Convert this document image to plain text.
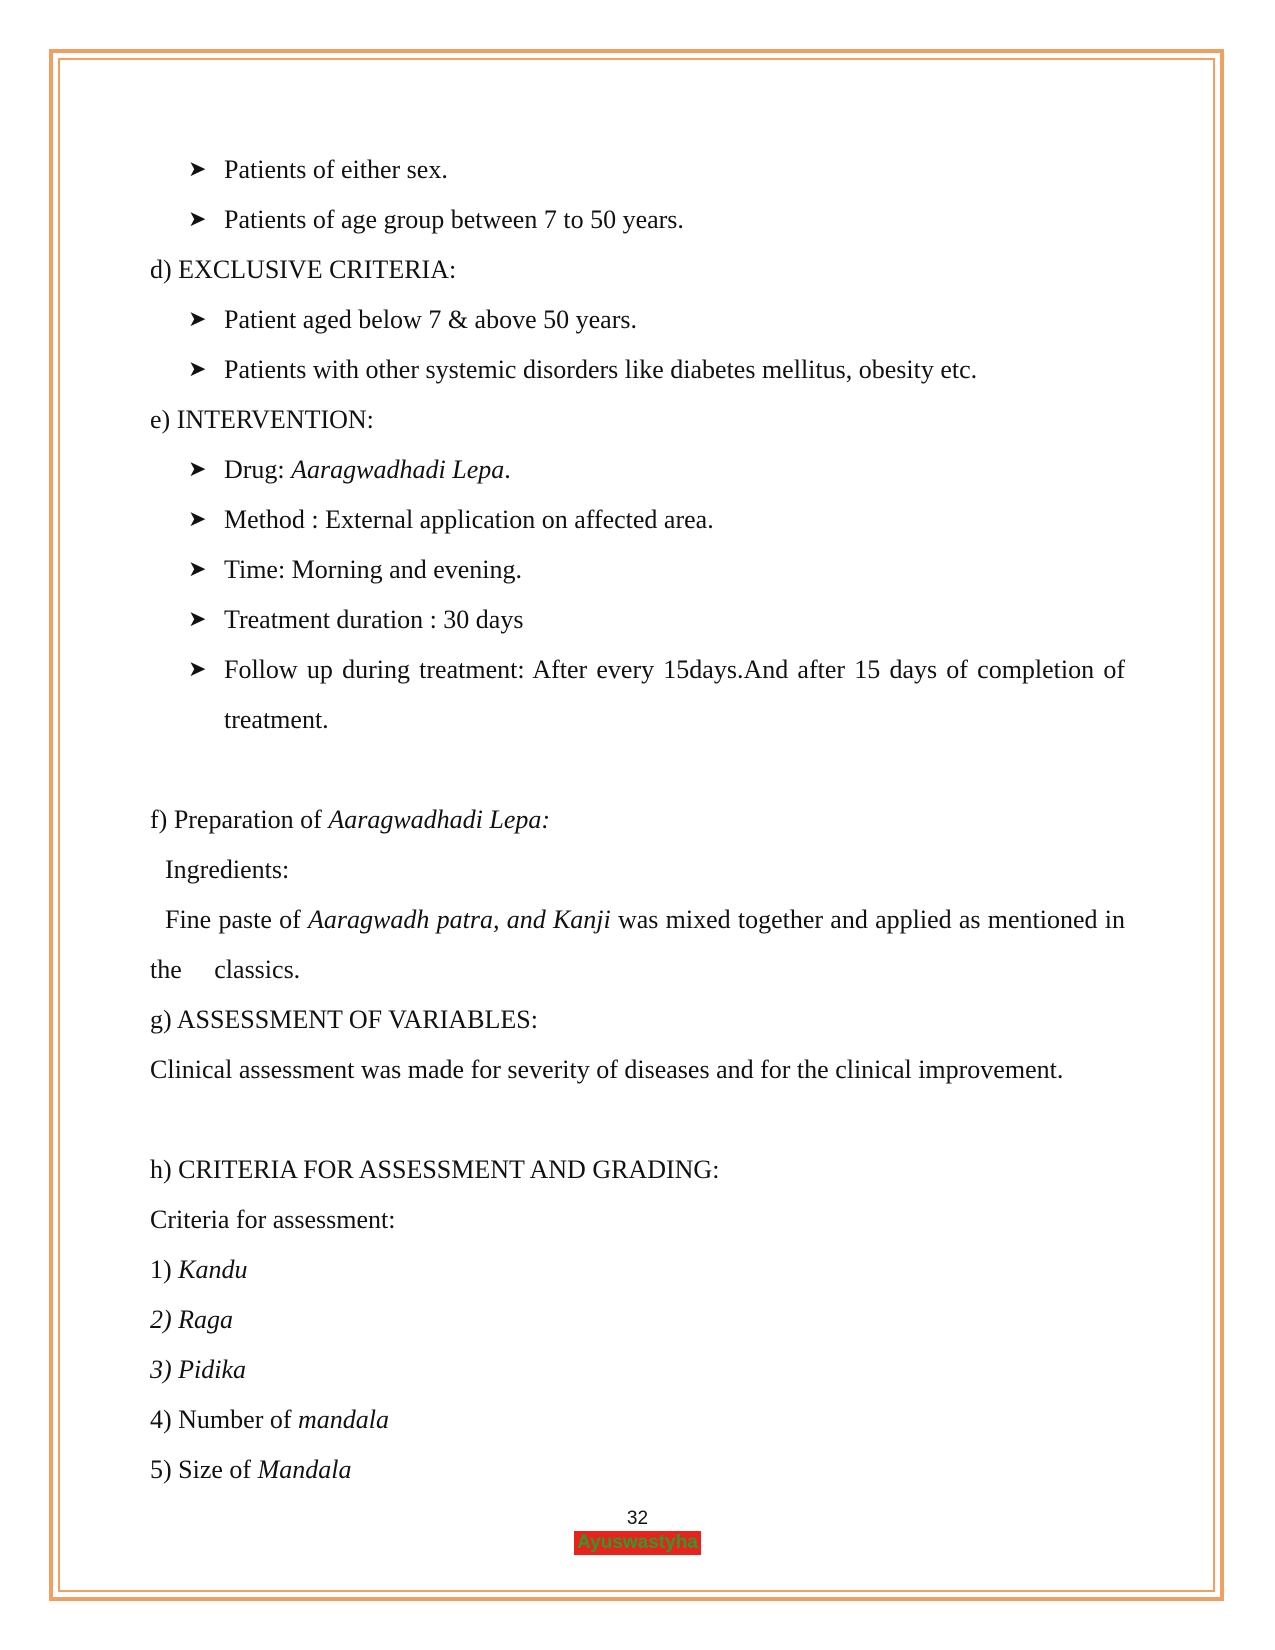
➤ Patients of either sex.
➤ Patients of age group between 7 to 50 years.
d) EXCLUSIVE CRITERIA:
➤ Patient aged below 7 & above 50 years.
➤ Patients with other systemic disorders like diabetes mellitus, obesity etc.
e) INTERVENTION:
➤ Drug: Aaragwadhadi Lepa.
➤ Method : External application on affected area.
➤ Time: Morning and evening.
➤ Treatment duration : 30 days
➤ Follow up during treatment: After every 15days.And after 15 days of completion of treatment.
f) Preparation of Aaragwadhadi Lepa:
Ingredients:
Fine paste of Aaragwadh patra, and Kanji was mixed together and applied as mentioned in the     classics.
g) ASSESSMENT OF VARIABLES:
Clinical assessment was made for severity of diseases and for the clinical improvement.
h) CRITERIA FOR ASSESSMENT AND GRADING:
Criteria for assessment:
1) Kandu
2) Raga
3) Pidika
4) Number of mandala
5) Size of Mandala
32
Ayuswastyha
